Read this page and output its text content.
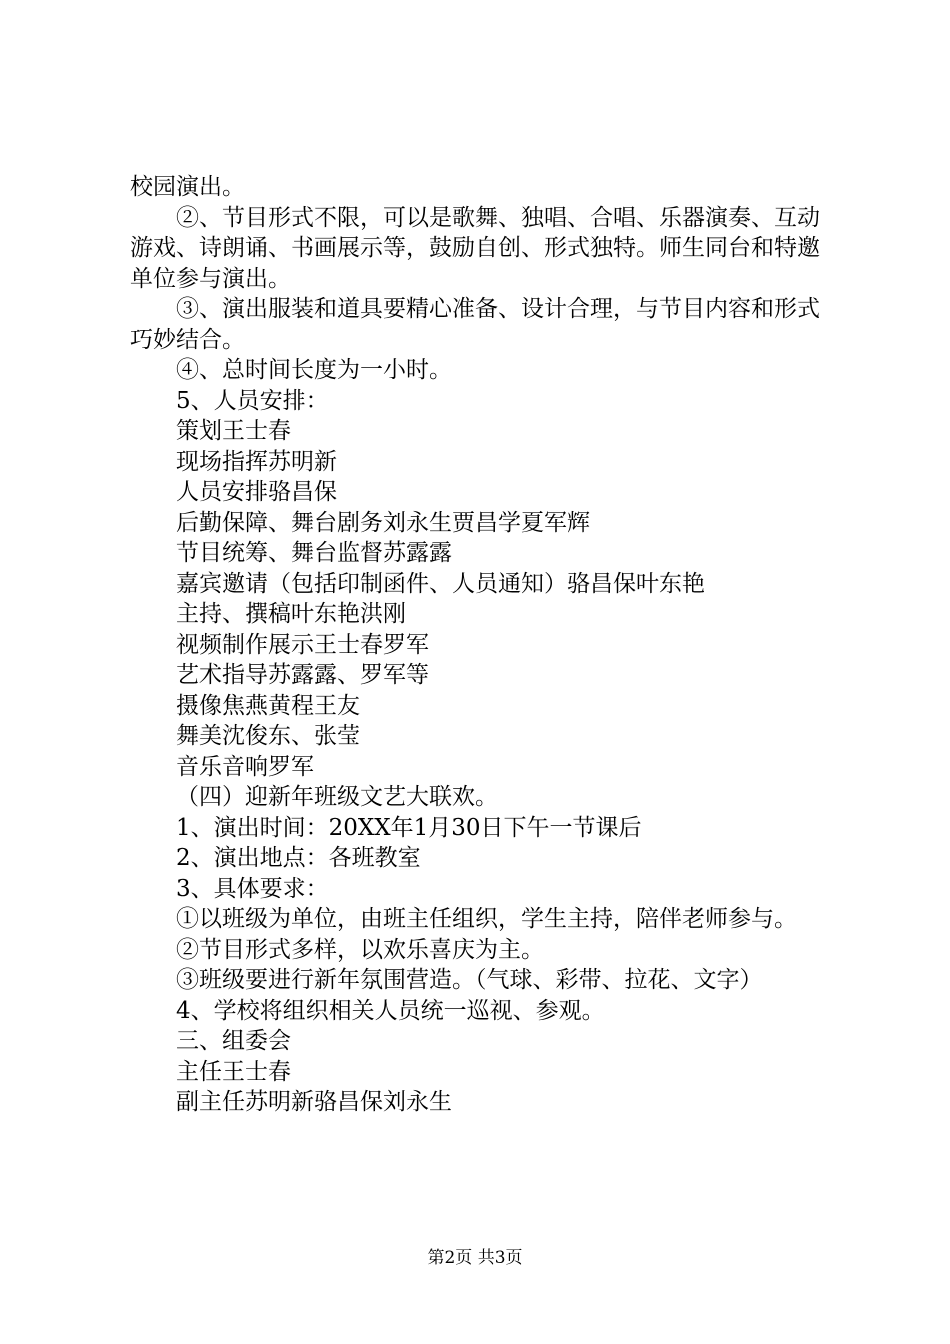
校园演出。

②、节目形式不限，可以是歌舞、独唱、合唱、乐器演奏、互动游戏、诗朗诵、书画展示等，鼓励自创、形式独特。师生同台和特邀单位参与演出。

③、演出服装和道具要精心准备、设计合理，与节目内容和形式巧妙结合。

④、总时间长度为一小时。

5、人员安排：

策划王士春

现场指挥苏明新

人员安排骆昌保

后勤保障、舞台剧务刘永生贾昌学夏军辉

节目统筹、舞台监督苏露露

嘉宾邀请（包括印制函件、人员通知）骆昌保叶东艳

主持、撰稿叶东艳洪刚

视频制作展示王士春罗军

艺术指导苏露露、罗军等

摄像焦燕黄程王友

舞美沈俊东、张莹

音乐音响罗军

（四）迎新年班级文艺大联欢。

1、演出时间：20XX年1月30日下午一节课后

2、演出地点：各班教室

3、具体要求：

①以班级为单位，由班主任组织，学生主持，陪伴老师参与。

②节目形式多样，以欢乐喜庆为主。

③班级要进行新年氛围营造。（气球、彩带、拉花、文字）

4、学校将组织相关人员统一巡视、参观。

三、组委会

主任王士春

副主任苏明新骆昌保刘永生

第2页 共3页
